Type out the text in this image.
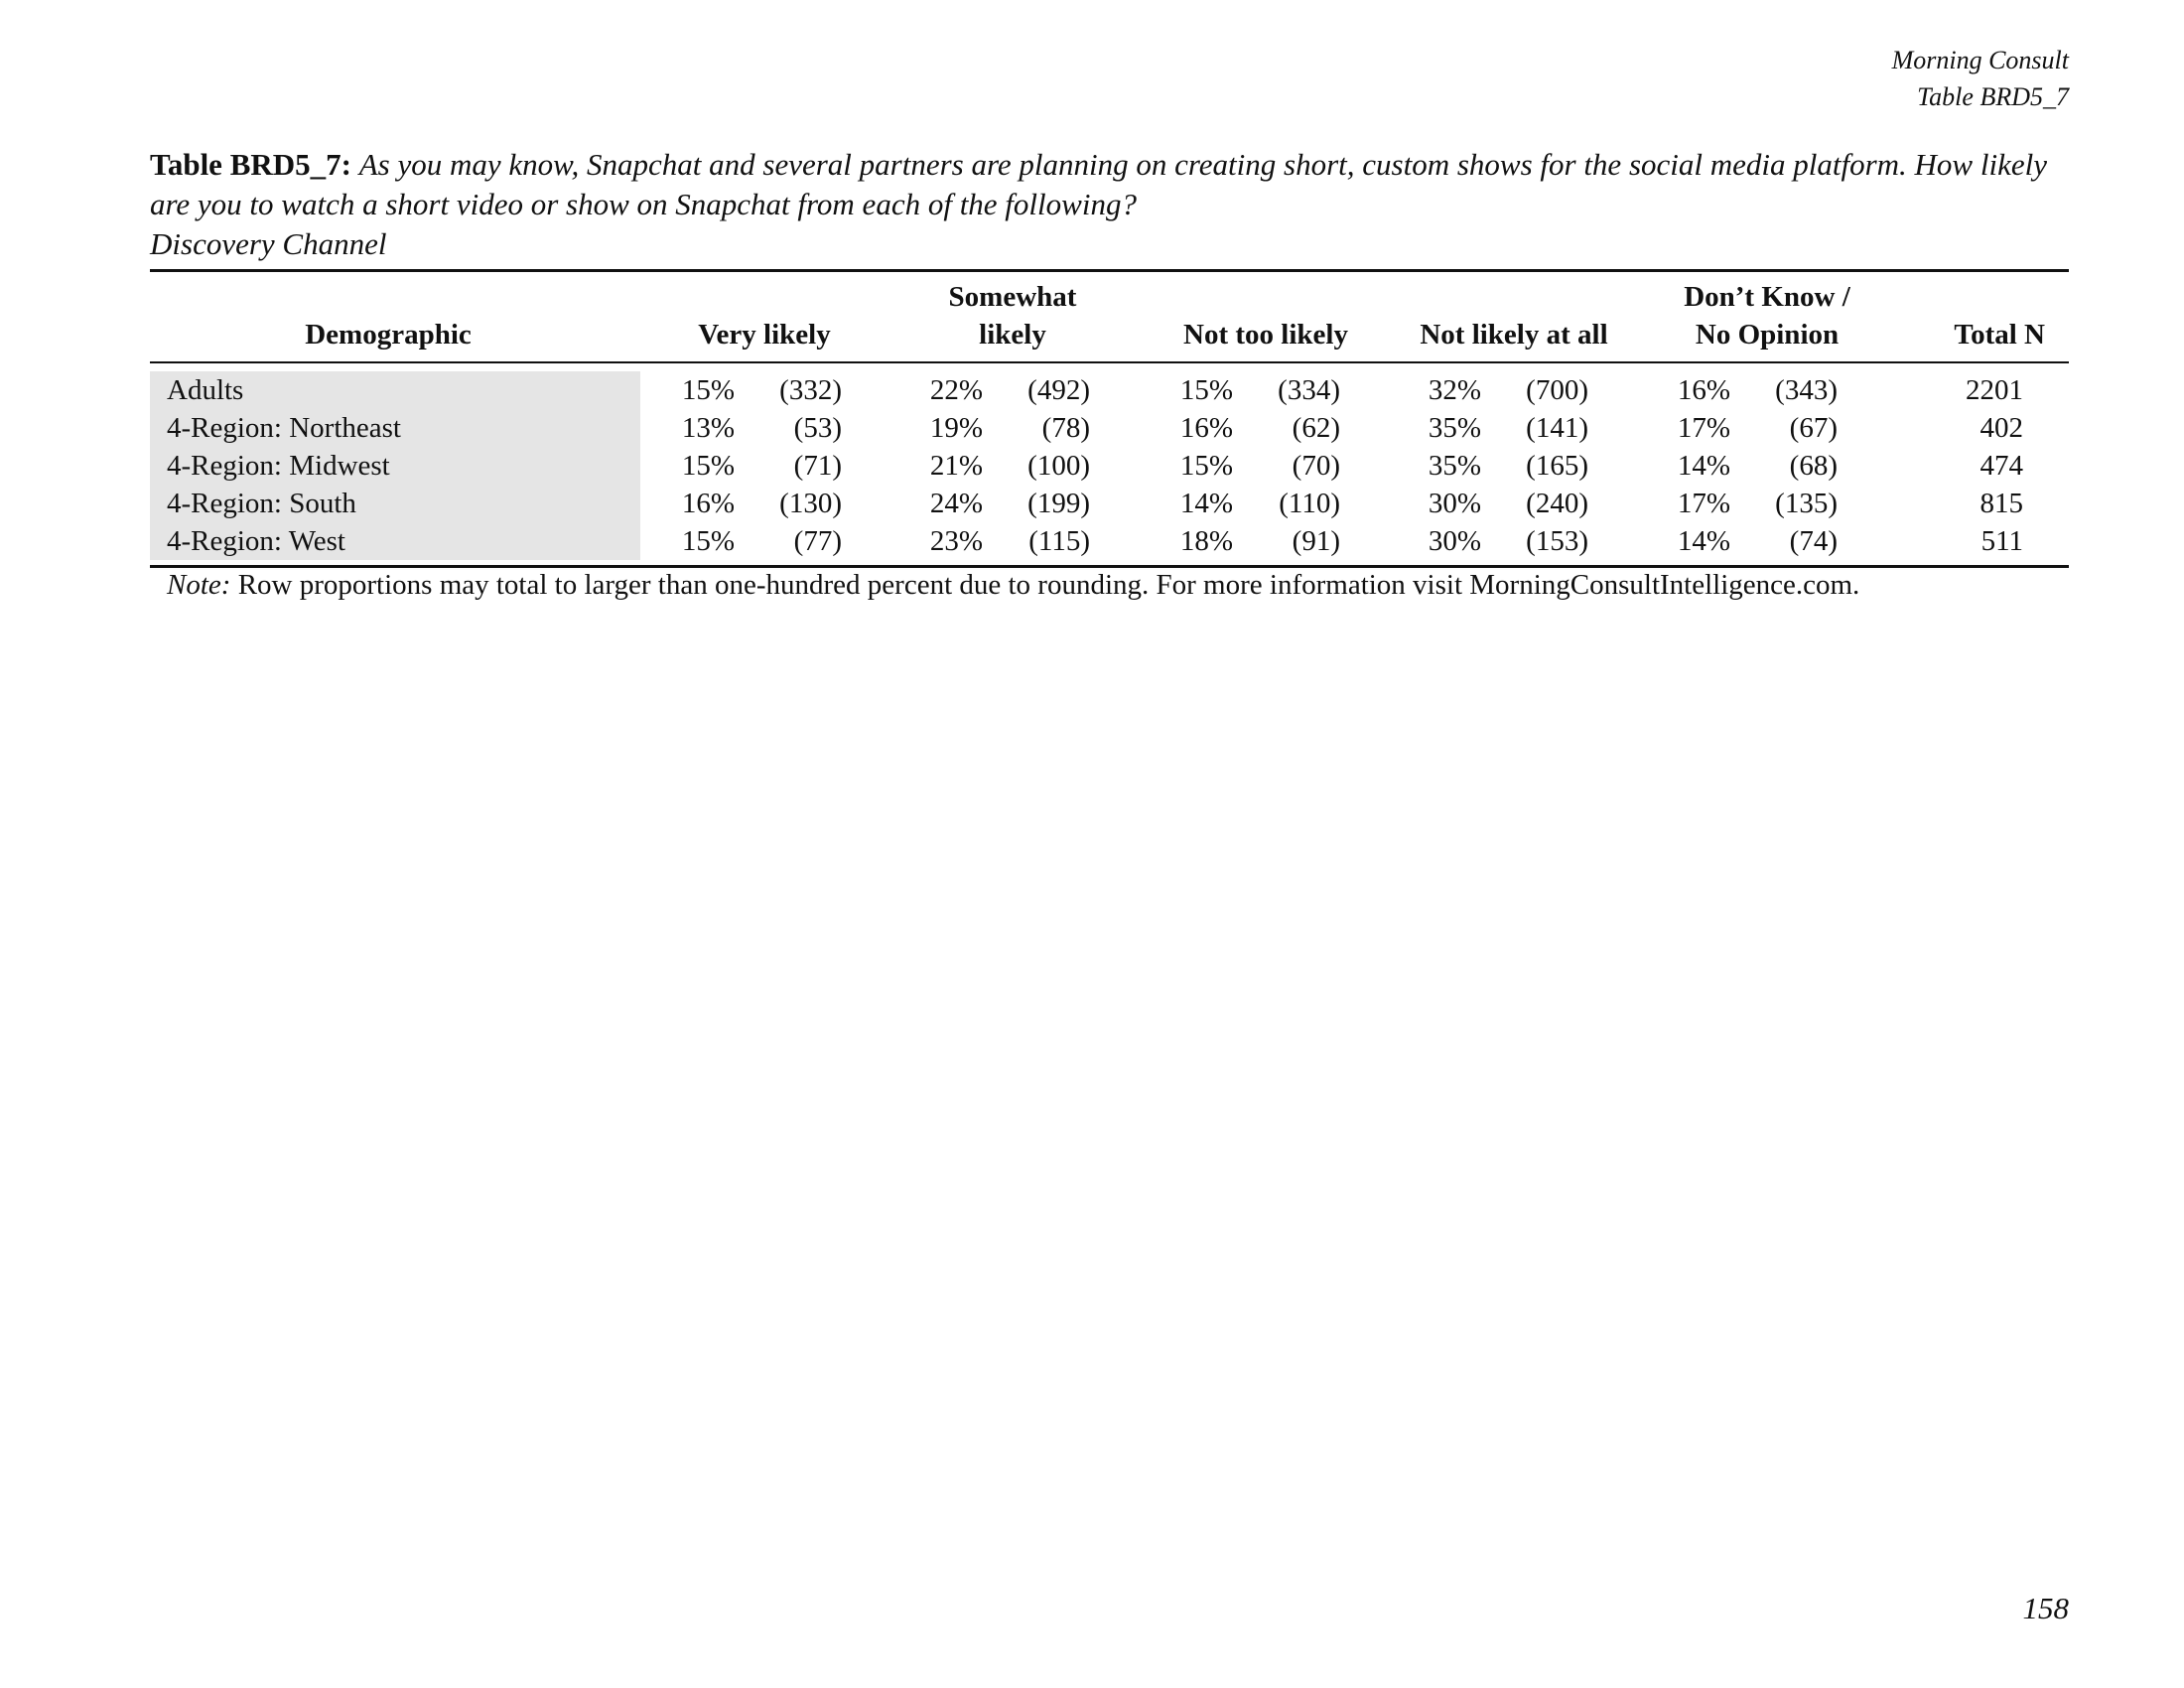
Morning Consult
Table BRD5_7
Table BRD5_7: As you may know, Snapchat and several partners are planning on creating short, custom shows for the social media platform. How likely are you to watch a short video or show on Snapchat from each of the following?
Discovery Channel
Demographic	Very likely
Somewhat
likely	Not too likely	Not likely at all
Don’t Know /
No Opinion	Total N
Adults	15% (332)	22% (492)	15% (334)	32% (700)	16% (343)	2201
4-Region: Northeast	13% (53)	19% (78)	16% (62)	35% (141)	17% (67)	402
4-Region: Midwest	15% (71)	21% (100)	15% (70)	35% (165)	14% (68)	474
4-Region: South	16% (130)	24% (199)	14% (110)	30% (240)	17% (135)	815
4-Region: West	15% (77)	23% (115)	18% (91)	30% (153)	14% (74)	511
Note: Row proportions may total to larger than one-hundred percent due to rounding. For more information visit MorningConsultIntelligence.com.
158
